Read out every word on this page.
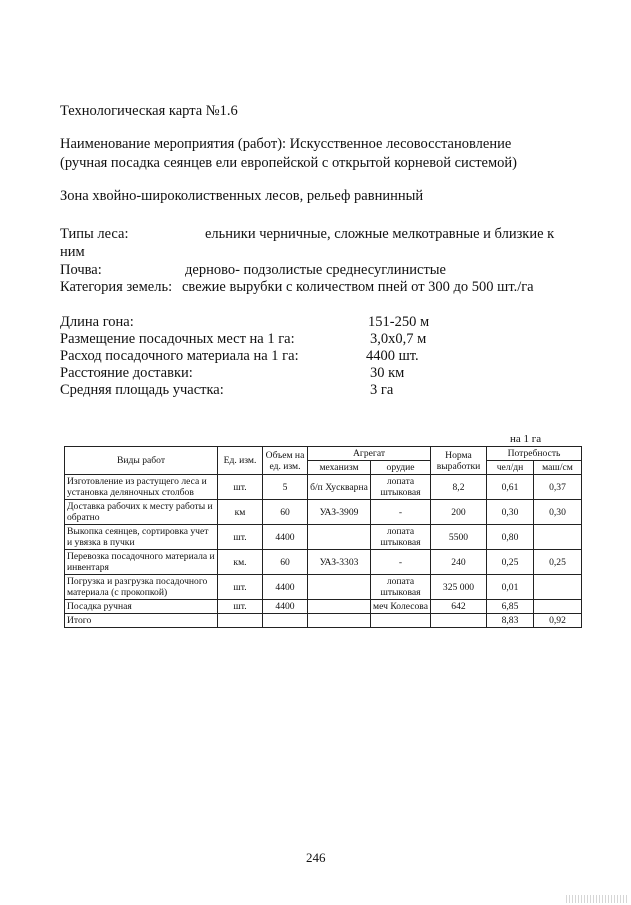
Технологическая карта №1.6
Наименование мероприятия (работ): Искусственное лесовосстановление
(ручная посадка сеянцев ели европейской с открытой корневой системой)
Зона хвойно-широколиственных лесов, рельеф равнинный
Типы леса:	ельники черничные, сложные мелкотравные и близкие к
ним
Почва:	дерново- подзолистые среднесуглинистые
Категория земель: свежие вырубки с количеством пней от 300 до 500 шт./га
Длина гона:	151-250 м
Размещение посадочных мест на 1 га:	3,0х0,7 м
Расход посадочного материала на 1 га:	4400 шт.
Расстояние доставки:	30 км
Средняя площадь участка:	3 га
на 1 га
Виды работ	Ед. изм.	Объем на ед. изм.	Агрегат		Норма выработки	Потребность	
			механизм	орудие		чел/дн	маш/см
Изготовление из растущего леса и установка деляночных столбов	шт.	5	б/п Хускварна	лопата штыковая	8,2	0,61	0,37
Доставка рабочих к месту работы и обратно	км	60	УАЗ-3909	-	200	0,30	0,30
Выкопка сеянцев, сортировка учет и увязка в пучки	шт.	4400		лопата штыковая	5500	0,80	
Перевозка посадочного материала и инвентаря	км.	60	УАЗ-3303	-	240	0,25	0,25
Погрузка и разгрузка посадочного материала (с прокопкой)	шт.	4400		лопата штыковая	325 000	0,01	
Посадка ручная	шт.	4400		меч Колесова	642	6,85	
Итого						8,83	0,92
246
